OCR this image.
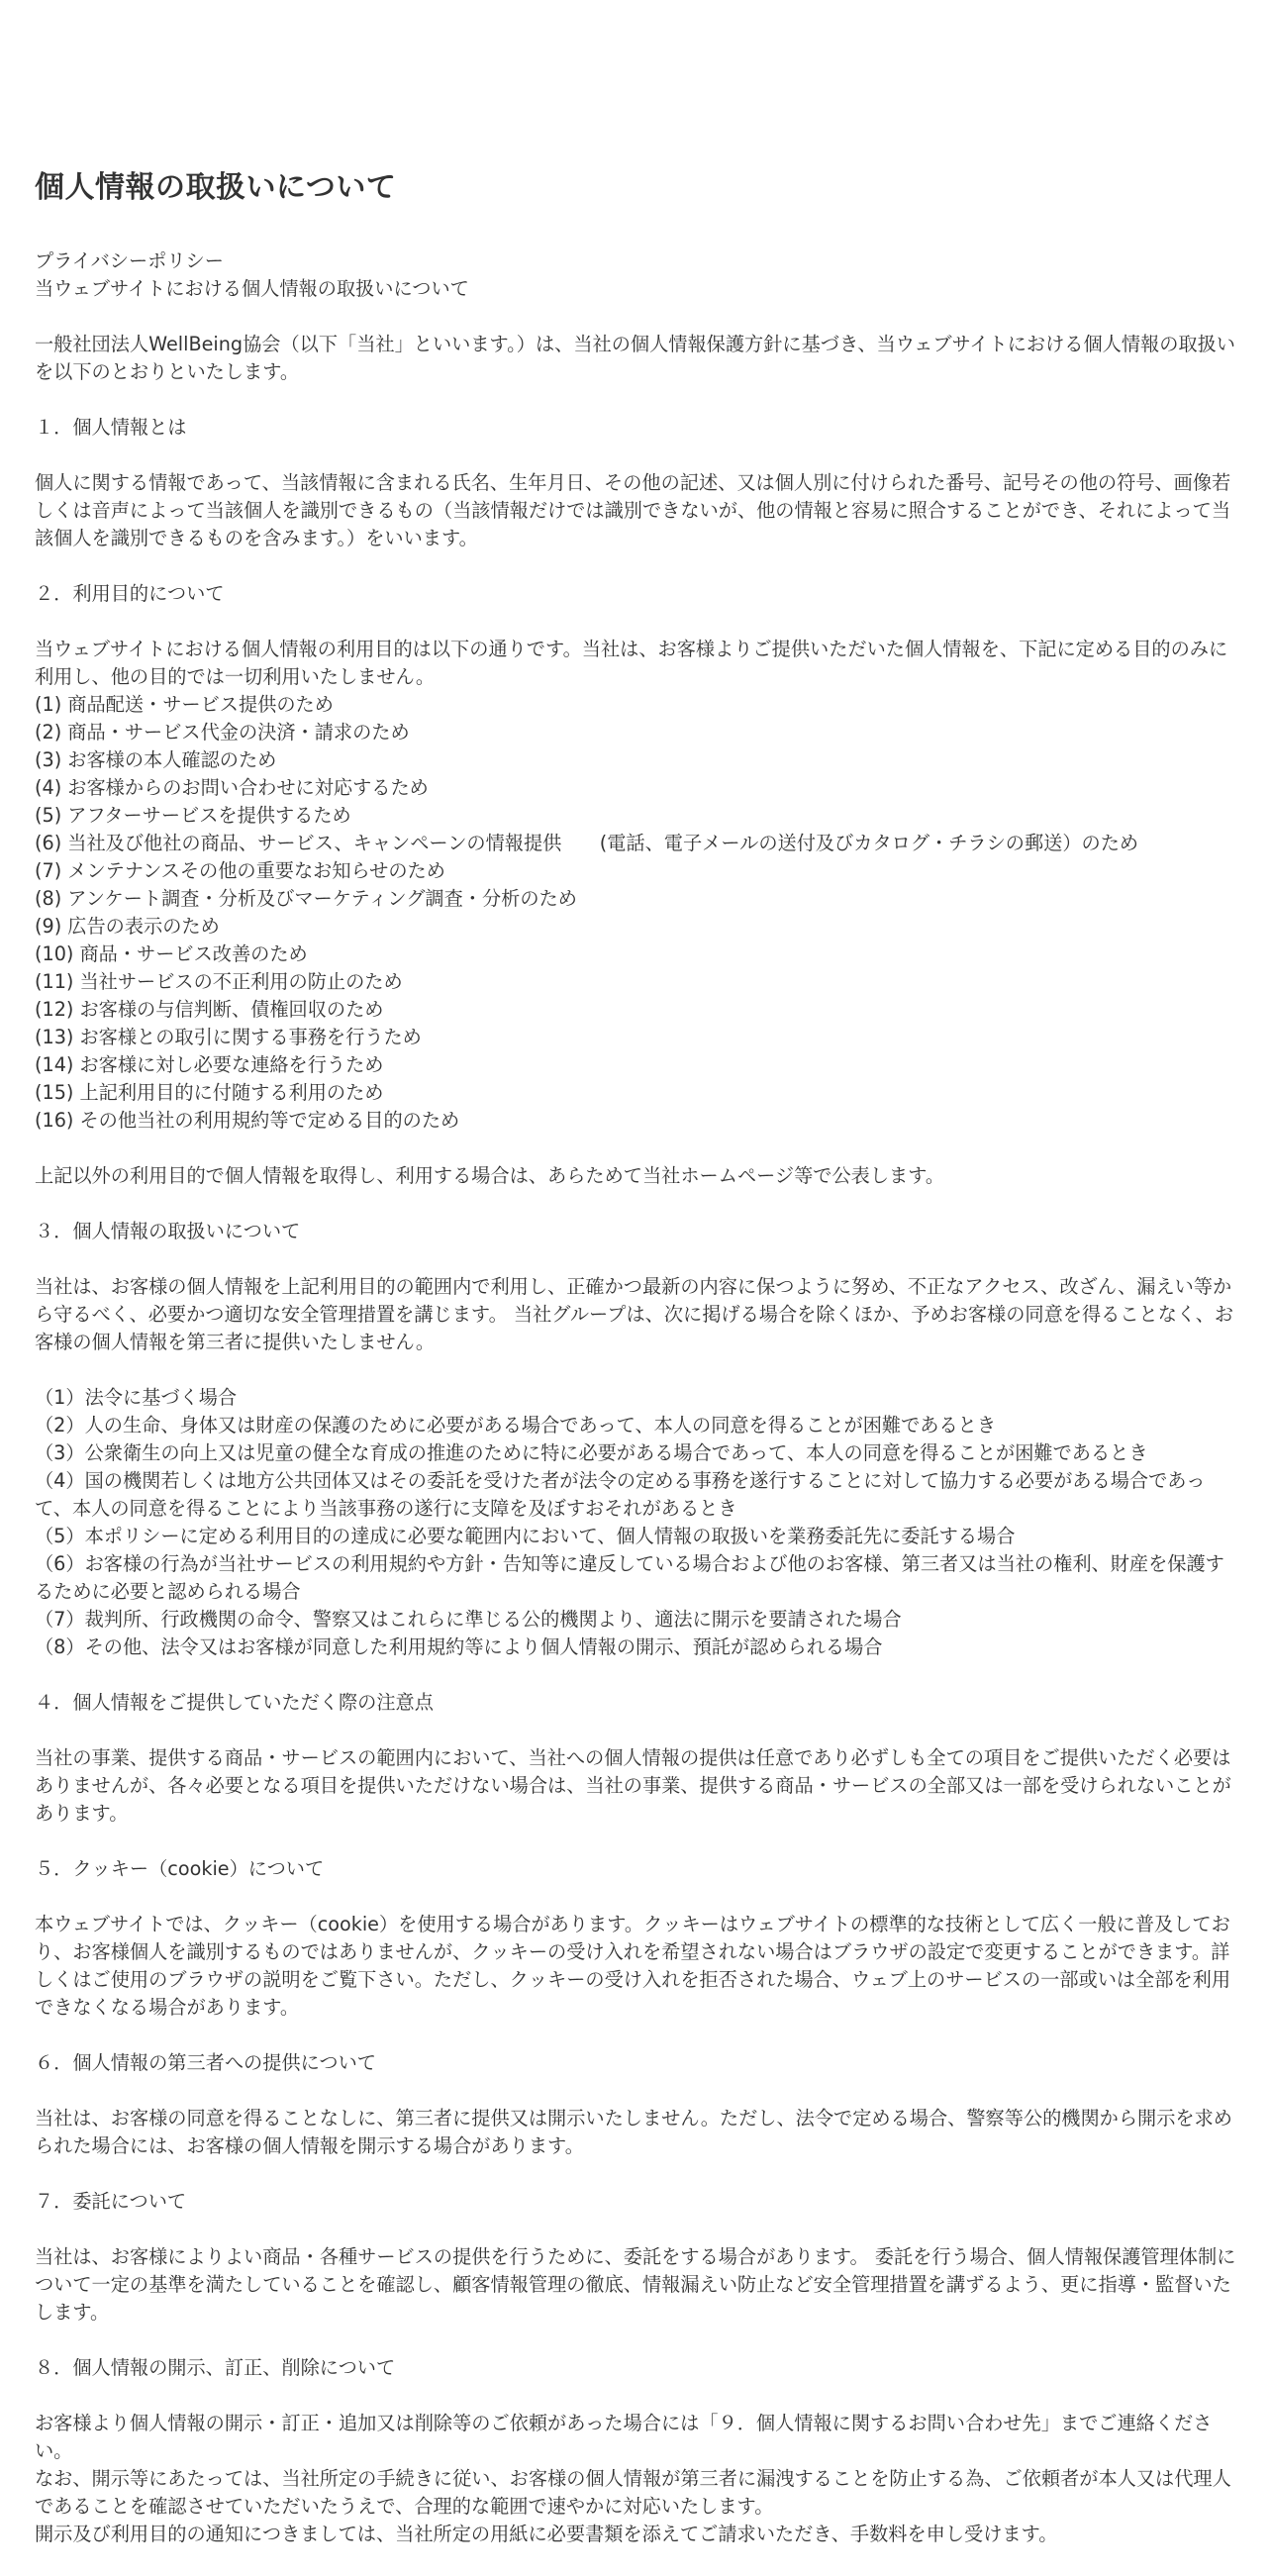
個人情報の取扱いについて

プライバシーポリシー

当ウェブサイトにおける個人情報の取扱いについて

一般社団法人WellBeing協会（以下「当社」といいます。）は、当社の個人情報保護方針に基づき、当ウェブサイトにおける個人情報の取扱いを以下のとおりといたします。

１．個人情報とは

個人に関する情報であって、当該情報に含まれる氏名、生年月日、その他の記述、又は個人別に付けられた番号、記号その他の符号、画像若しくは音声によって当該個人を識別できるもの（当該情報だけでは識別できないが、他の情報と容易に照合することができ、それによって当該個人を識別できるものを含みます。）をいいます。

２．利用目的について

当ウェブサイトにおける個人情報の利用目的は以下の通りです。当社は、お客様よりご提供いただいた個人情報を、下記に定める目的のみに利用し、他の目的では一切利用いたしません。

(1) 商品配送・サービス提供のため

(2) 商品・サービス代金の決済・請求のため

(3) お客様の本人確認のため

(4) お客様からのお問い合わせに対応するため

(5) アフターサービスを提供するため

(6) 当社及び他社の商品、サービス、キャンペーンの情報提供　　(電話、電子メールの送付及びカタログ・チラシの郵送）のため

(7) メンテナンスその他の重要なお知らせのため

(8) アンケート調査・分析及びマーケティング調査・分析のため

(9) 広告の表示のため

(10) 商品・サービス改善のため

(11) 当社サービスの不正利用の防止のため

(12) お客様の与信判断、債権回収のため

(13) お客様との取引に関する事務を行うため

(14) お客様に対し必要な連絡を行うため

(15) 上記利用目的に付随する利用のため

(16) その他当社の利用規約等で定める目的のため

上記以外の利用目的で個人情報を取得し、利用する場合は、あらためて当社ホームページ等で公表します。

３．個人情報の取扱いについて

当社は、お客様の個人情報を上記利用目的の範囲内で利用し、正確かつ最新の内容に保つように努め、不正なアクセス、改ざん、漏えい等から守るべく、必要かつ適切な安全管理措置を講じます。 当社グループは、次に掲げる場合を除くほか、予めお客様の同意を得ることなく、お客様の個人情報を第三者に提供いたしません。

（1）法令に基づく場合

（2）人の生命、身体又は財産の保護のために必要がある場合であって、本人の同意を得ることが困難であるとき

（3）公衆衛生の向上又は児童の健全な育成の推進のために特に必要がある場合であって、本人の同意を得ることが困難であるとき

（4）国の機関若しくは地方公共団体又はその委託を受けた者が法令の定める事務を遂行することに対して協力する必要がある場合であって、本人の同意を得ることにより当該事務の遂行に支障を及ぼすおそれがあるとき

（5）本ポリシーに定める利用目的の達成に必要な範囲内において、個人情報の取扱いを業務委託先に委託する場合

（6）お客様の行為が当社サービスの利用規約や方針・告知等に違反している場合および他のお客様、第三者又は当社の権利、財産を保護するために必要と認められる場合

（7）裁判所、行政機関の命令、警察又はこれらに準じる公的機関より、適法に開示を要請された場合

（8）その他、法令又はお客様が同意した利用規約等により個人情報の開示、預託が認められる場合

４．個人情報をご提供していただく際の注意点

当社の事業、提供する商品・サービスの範囲内において、当社への個人情報の提供は任意であり必ずしも全ての項目をご提供いただく必要はありませんが、各々必要となる項目を提供いただけない場合は、当社の事業、提供する商品・サービスの全部又は一部を受けられないことがあります。

５．クッキー（cookie）について

本ウェブサイトでは、クッキー（cookie）を使用する場合があります。クッキーはウェブサイトの標準的な技術として広く一般に普及しており、お客様個人を識別するものではありませんが、クッキーの受け入れを希望されない場合はブラウザの設定で変更することができます。詳しくはご使用のブラウザの説明をご覧下さい。ただし、クッキーの受け入れを拒否された場合、ウェブ上のサービスの一部或いは全部を利用できなくなる場合があります。

６．個人情報の第三者への提供について

当社は、お客様の同意を得ることなしに、第三者に提供又は開示いたしません。ただし、法令で定める場合、警察等公的機関から開示を求められた場合には、お客様の個人情報を開示する場合があります。

７．委託について

当社は、お客様によりよい商品・各種サービスの提供を行うために、委託をする場合があります。 委託を行う場合、個人情報保護管理体制について一定の基準を満たしていることを確認し、顧客情報管理の徹底、情報漏えい防止など安全管理措置を講ずるよう、更に指導・監督いたします。

８．個人情報の開示、訂正、削除について

お客様より個人情報の開示・訂正・追加又は削除等のご依頼があった場合には「９．個人情報に関するお問い合わせ先」までご連絡ください。

なお、開示等にあたっては、当社所定の手続きに従い、お客様の個人情報が第三者に漏洩することを防止する為、ご依頼者が本人又は代理人であることを確認させていただいたうえで、合理的な範囲で速やかに対応いたします。

開示及び利用目的の通知につきましては、当社所定の用紙に必要書類を添えてご請求いただき、手数料を申し受けます。
